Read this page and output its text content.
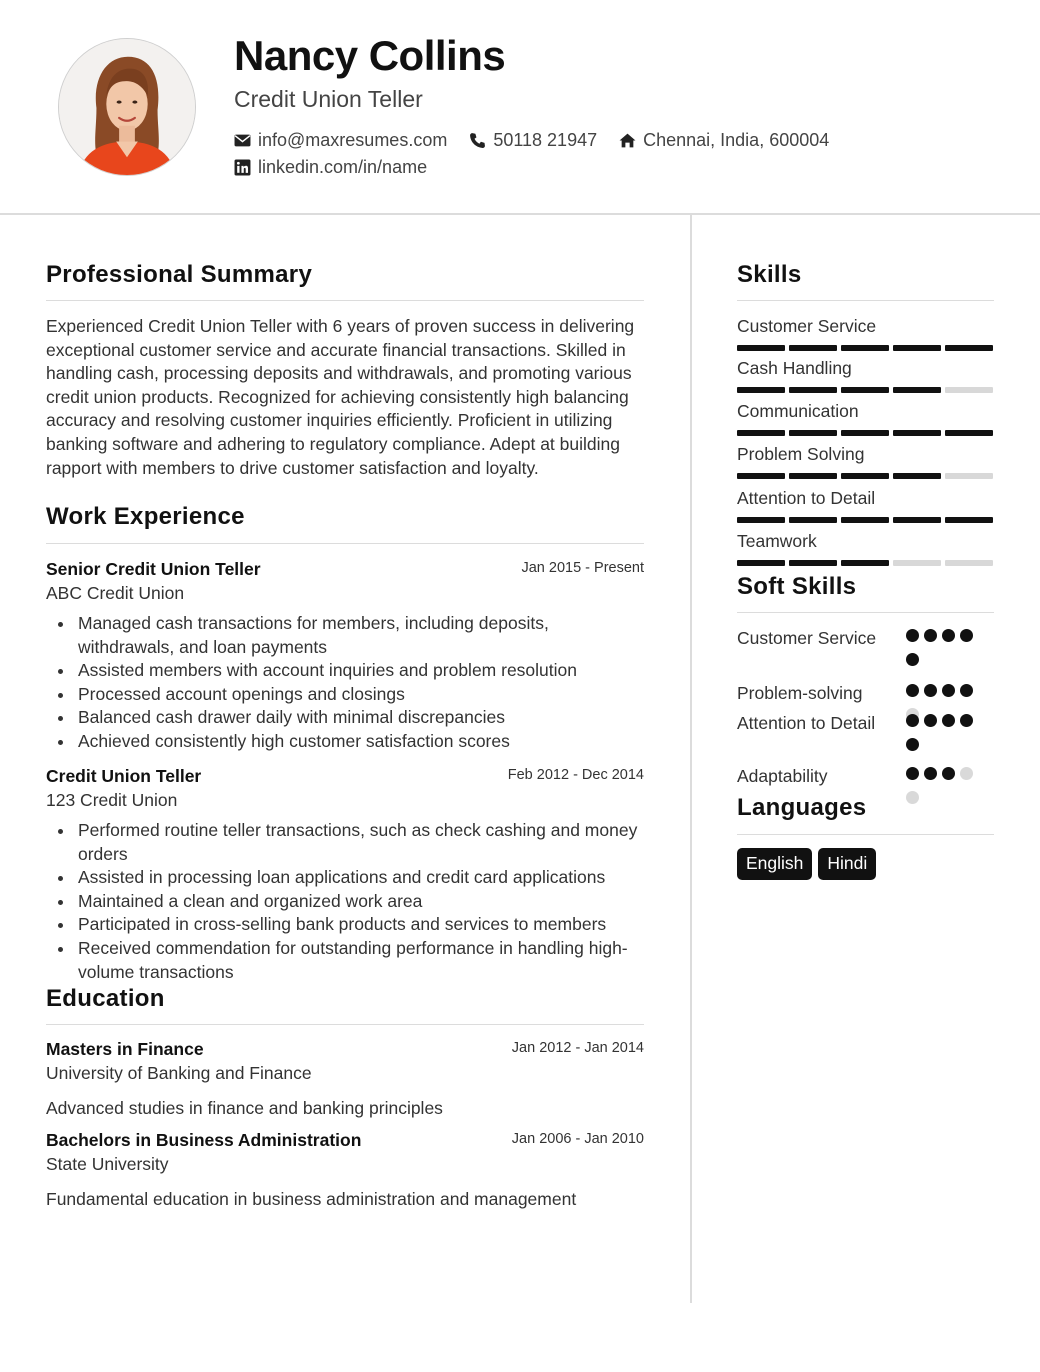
Nancy Collins
Credit Union Teller
info@maxresumes.com	50118 21947	Chennai, India, 600004
linkedin.com/in/name
Professional Summary
Experienced Credit Union Teller with 6 years of proven success in delivering exceptional customer service and accurate financial transactions. Skilled in handling cash, processing deposits and withdrawals, and promoting various credit union products. Recognized for achieving consistently high balancing accuracy and resolving customer inquiries efficiently. Proficient in utilizing banking software and adhering to regulatory compliance. Adept at building rapport with members to drive customer satisfaction and loyalty.
Work Experience
Senior Credit Union Teller	Jan 2015 - Present
ABC Credit Union
Managed cash transactions for members, including deposits, withdrawals, and loan payments
Assisted members with account inquiries and problem resolution
Processed account openings and closings
Balanced cash drawer daily with minimal discrepancies
Achieved consistently high customer satisfaction scores
Credit Union Teller	Feb 2012 - Dec 2014
123 Credit Union
Performed routine teller transactions, such as check cashing and money orders
Assisted in processing loan applications and credit card applications
Maintained a clean and organized work area
Participated in cross-selling bank products and services to members
Received commendation for outstanding performance in handling high-volume transactions
Education
Masters in Finance	Jan 2012 - Jan 2014
University of Banking and Finance
Advanced studies in finance and banking principles
Bachelors in Business Administration	Jan 2006 - Jan 2010
State University
Fundamental education in business administration and management
Skills
Customer Service
Cash Handling
Communication
Problem Solving
Attention to Detail
Teamwork
Soft Skills
Customer Service
Problem-solving
Attention to Detail
Adaptability
Languages
English	Hindi
